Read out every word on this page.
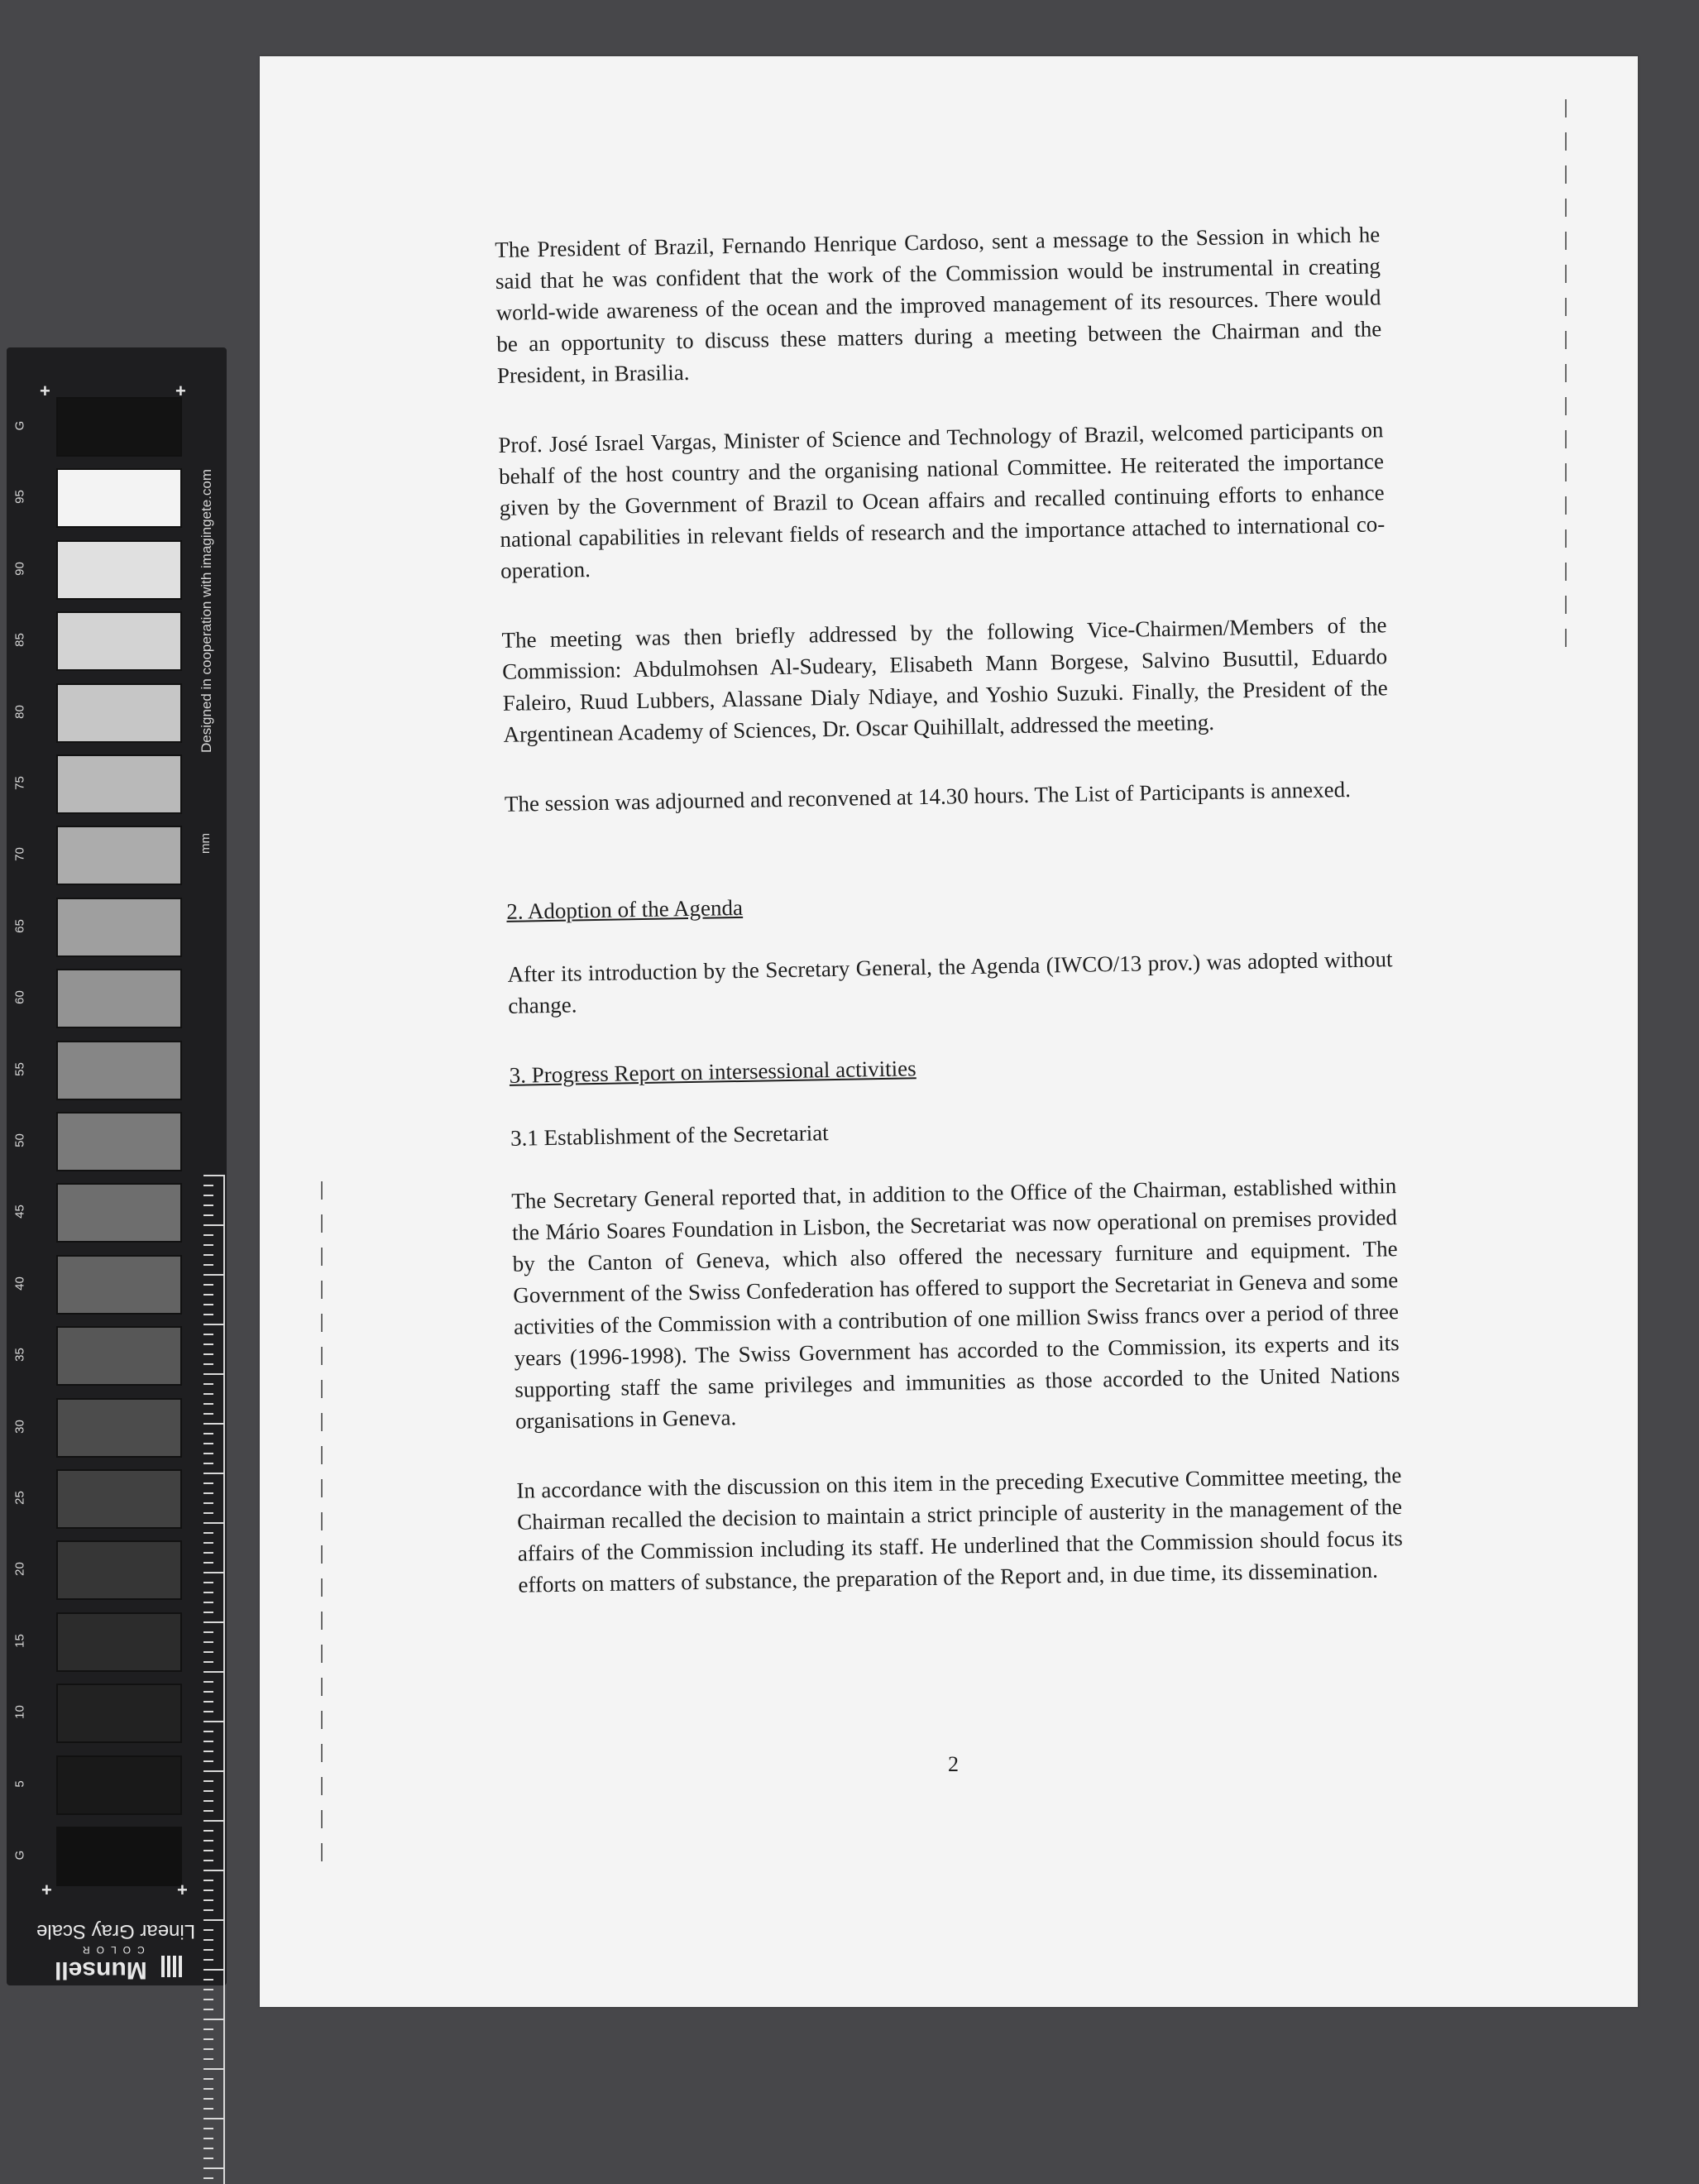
G
95
90
85
80
75
70
65
60
55
50
45
40
35
30
25
20
15
10
5
G
+	+
+	+
Designed in cooperation with imagingete.com
mm
Linear Gray Scale
Munsell
COLOR

The President of Brazil, Fernando Henrique Cardoso, sent a message to the Session in which he said that he was confident that the work of the Commission would be instrumental in creating world-wide awareness of the ocean and the improved management of its resources. There would be an opportunity to discuss these matters during a meeting between the Chairman and the President, in Brasilia.

Prof. José Israel Vargas, Minister of Science and Technology of Brazil, welcomed participants on behalf of the host country and the organising national Committee. He reiterated the importance given by the Government of Brazil to Ocean affairs and recalled continuing efforts to enhance national capabilities in relevant fields of research and the importance attached to international co-operation.

The meeting was then briefly addressed by the following Vice-Chairmen/Members of the Commission: Abdulmohsen Al-Sudeary, Elisabeth Mann Borgese, Salvino Busuttil, Eduardo Faleiro, Ruud Lubbers, Alassane Dialy Ndiaye, and Yoshio Suzuki. Finally, the President of the Argentinean Academy of Sciences, Dr. Oscar Quihillalt, addressed the meeting.

The session was adjourned and reconvened at 14.30 hours. The List of Participants is annexed.

2. Adoption of the Agenda

After its introduction by the Secretary General, the Agenda (IWCO/13 prov.) was adopted without change.

3. Progress Report on intersessional activities

3.1 Establishment of the Secretariat

The Secretary General reported that, in addition to the Office of the Chairman, established within the Mário Soares Foundation in Lisbon, the Secretariat was now operational on premises provided by the Canton of Geneva, which also offered the necessary furniture and equipment. The Government of the Swiss Confederation has offered to support the Secretariat in Geneva and some activities of the Commission with a contribution of one million Swiss francs over a period of three years (1996-1998). The Swiss Government has accorded to the Commission, its experts and its supporting staff the same privileges and immunities as those accorded to the United Nations organisations in Geneva.

In accordance with the discussion on this item in the preceding Executive Committee meeting, the Chairman recalled the decision to maintain a strict principle of austerity in the management of the affairs of the Commission including its staff. He underlined that the Commission should focus its efforts on matters of substance, the preparation of the Report and, in due time, its dissemination.

2
